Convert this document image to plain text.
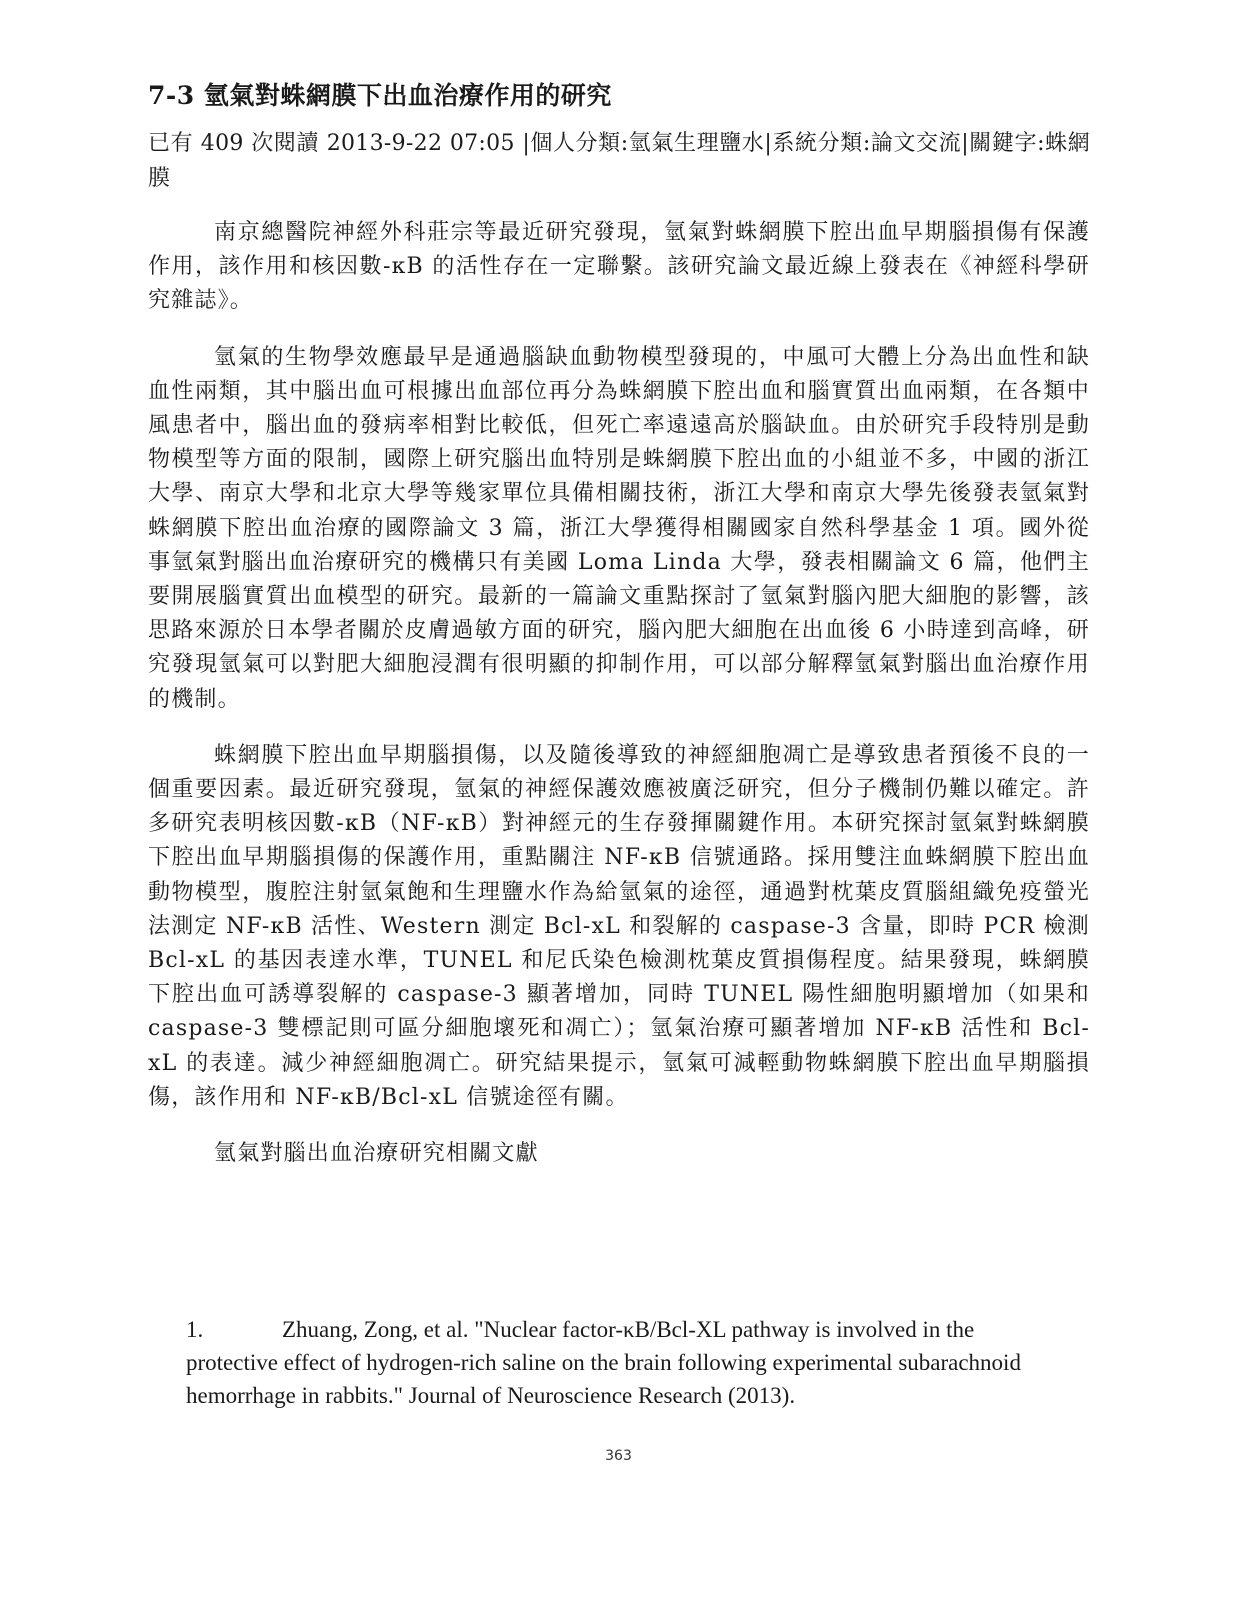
7-3 氫氣對蛛網膜下出血治療作用的研究

已有 409 次閱讀 2013-9-22 07:05 |個人分類:氫氣生理鹽水|系統分類:論文交流|關鍵字:蛛網膜

南京總醫院神經外科莊宗等最近研究發現，氫氣對蛛網膜下腔出血早期腦損傷有保護作用，該作用和核因數-κB 的活性存在一定聯繫。該研究論文最近線上發表在《神經科學研究雜誌》。

氫氣的生物學效應最早是通過腦缺血動物模型發現的，中風可大體上分為出血性和缺血性兩類，其中腦出血可根據出血部位再分為蛛網膜下腔出血和腦實質出血兩類，在各類中風患者中，腦出血的發病率相對比較低，但死亡率遠遠高於腦缺血。由於研究手段特別是動物模型等方面的限制，國際上研究腦出血特別是蛛網膜下腔出血的小組並不多，中國的浙江大學、南京大學和北京大學等幾家單位具備相關技術，浙江大學和南京大學先後發表氫氣對蛛網膜下腔出血治療的國際論文 3 篇，浙江大學獲得相關國家自然科學基金 1 項。國外從事氫氣對腦出血治療研究的機構只有美國 Loma Linda 大學，發表相關論文 6 篇，他們主要開展腦實質出血模型的研究。最新的一篇論文重點探討了氫氣對腦內肥大細胞的影響，該思路來源於日本學者關於皮膚過敏方面的研究，腦內肥大細胞在出血後 6 小時達到高峰，研究發現氫氣可以對肥大細胞浸潤有很明顯的抑制作用，可以部分解釋氫氣對腦出血治療作用的機制。

蛛網膜下腔出血早期腦損傷，以及隨後導致的神經細胞凋亡是導致患者預後不良的一個重要因素。最近研究發現，氫氣的神經保護效應被廣泛研究，但分子機制仍難以確定。許多研究表明核因數-κB（NF-κB）對神經元的生存發揮關鍵作用。本研究探討氫氣對蛛網膜下腔出血早期腦損傷的保護作用，重點關注 NF-κB 信號通路。採用雙注血蛛網膜下腔出血動物模型，腹腔注射氫氣飽和生理鹽水作為給氫氣的途徑，通過對枕葉皮質腦組織免疫螢光法測定 NF-κB 活性、Western 測定 Bcl-xL 和裂解的 caspase-3 含量，即時 PCR 檢測 Bcl-xL 的基因表達水準，TUNEL 和尼氏染色檢測枕葉皮質損傷程度。結果發現，蛛網膜下腔出血可誘導裂解的 caspase-3 顯著增加，同時 TUNEL 陽性細胞明顯增加（如果和 caspase-3 雙標記則可區分細胞壞死和凋亡）；氫氣治療可顯著增加 NF-κB 活性和 Bcl-xL 的表達。減少神經細胞凋亡。研究結果提示，氫氣可減輕動物蛛網膜下腔出血早期腦損傷，該作用和 NF-κB/Bcl-xL 信號途徑有關。

氫氣對腦出血治療研究相關文獻

1.	Zhuang, Zong, et al. "Nuclear factor-κB/Bcl-XL pathway is involved in the protective effect of hydrogen-rich saline on the brain following experimental subarachnoid hemorrhage in rabbits." Journal of Neuroscience Research (2013).
363
